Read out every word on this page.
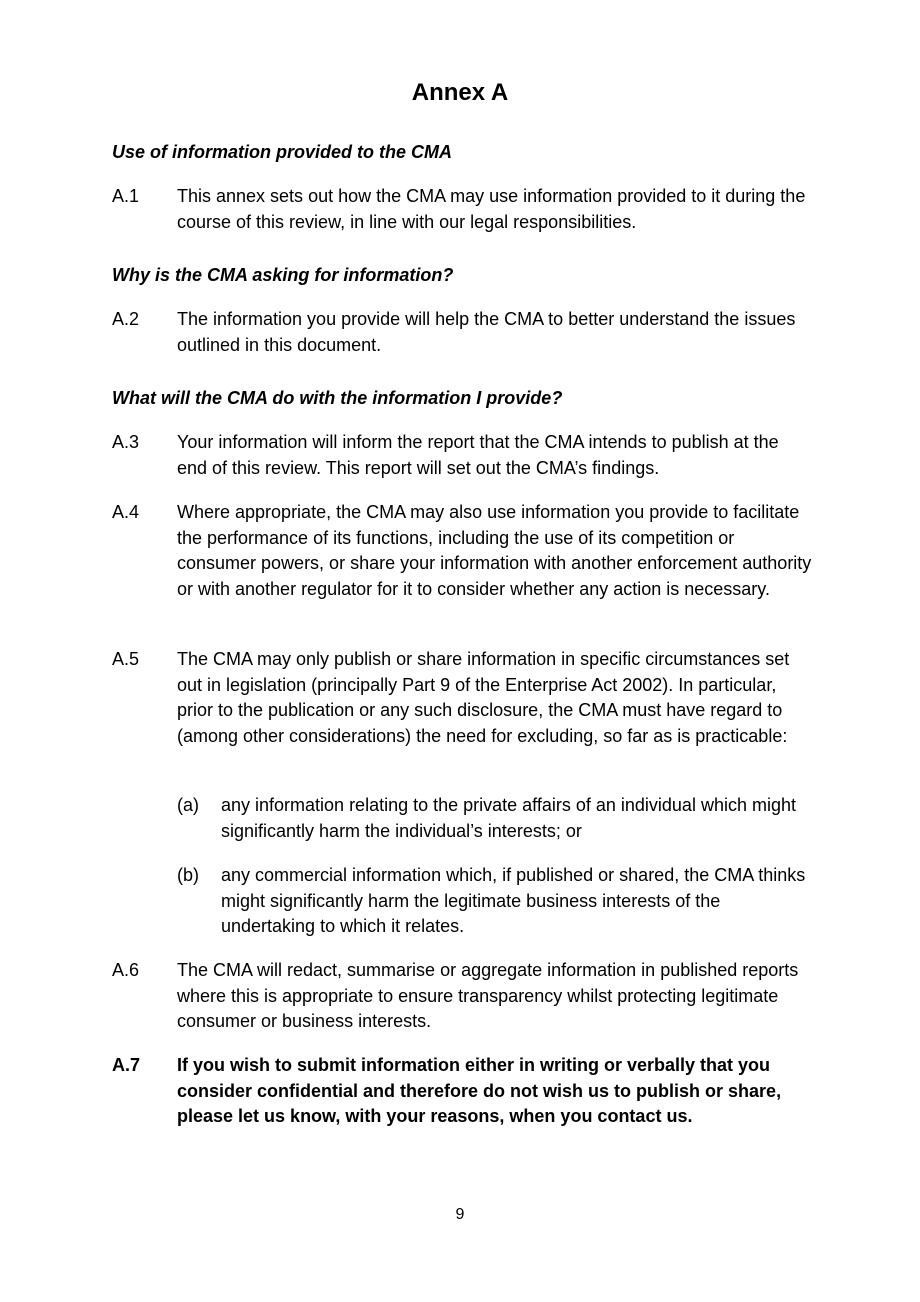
Annex A
Use of information provided to the CMA
A.1 This annex sets out how the CMA may use information provided to it during the course of this review, in line with our legal responsibilities.
Why is the CMA asking for information?
A.2 The information you provide will help the CMA to better understand the issues outlined in this document.
What will the CMA do with the information I provide?
A.3 Your information will inform the report that the CMA intends to publish at the end of this review. This report will set out the CMA’s findings.
A.4 Where appropriate, the CMA may also use information you provide to facilitate the performance of its functions, including the use of its competition or consumer powers, or share your information with another enforcement authority or with another regulator for it to consider whether any action is necessary.
A.5 The CMA may only publish or share information in specific circumstances set out in legislation (principally Part 9 of the Enterprise Act 2002). In particular, prior to the publication or any such disclosure, the CMA must have regard to (among other considerations) the need for excluding, so far as is practicable:
(a) any information relating to the private affairs of an individual which might significantly harm the individual’s interests; or
(b) any commercial information which, if published or shared, the CMA thinks might significantly harm the legitimate business interests of the undertaking to which it relates.
A.6 The CMA will redact, summarise or aggregate information in published reports where this is appropriate to ensure transparency whilst protecting legitimate consumer or business interests.
A.7 If you wish to submit information either in writing or verbally that you consider confidential and therefore do not wish us to publish or share, please let us know, with your reasons, when you contact us.
9
